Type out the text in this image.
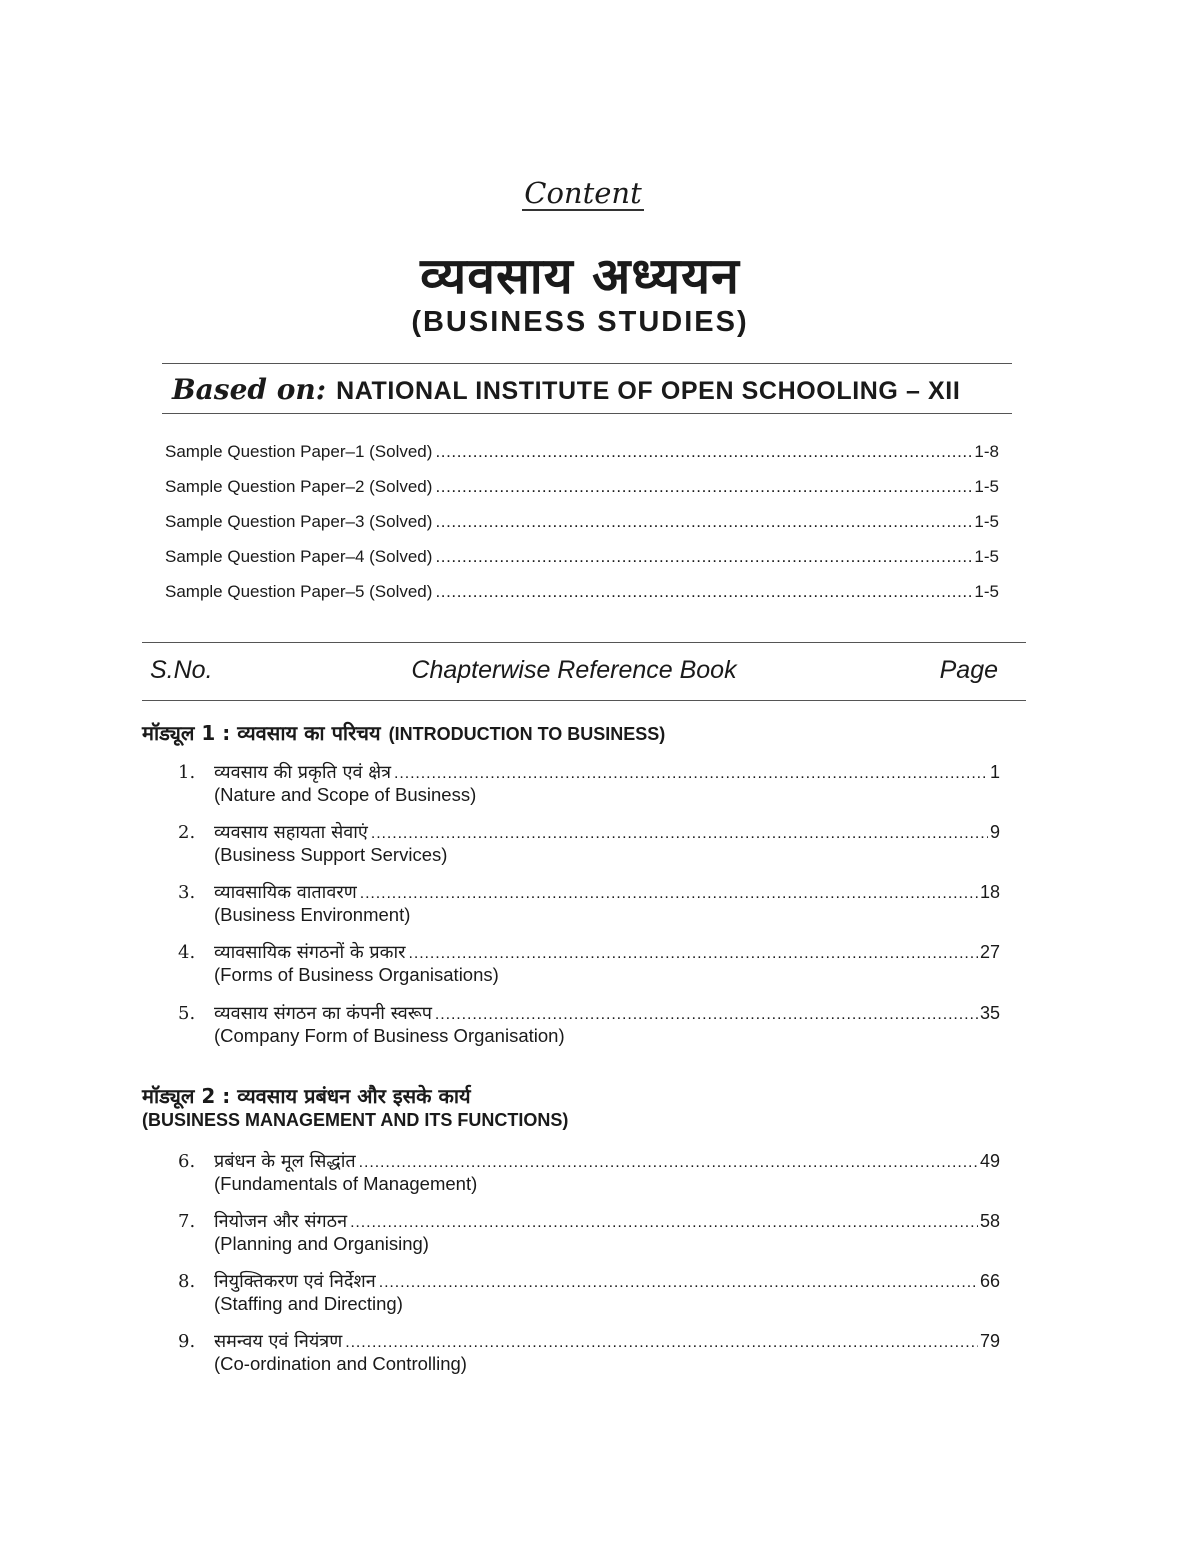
Content
व्यवसाय अध्ययन
(BUSINESS STUDIES)
Based on: NATIONAL INSTITUTE OF OPEN SCHOOLING – XII
Sample Question Paper–1 (Solved) .....	1-8
Sample Question Paper–2 (Solved) .....	1-5
Sample Question Paper–3 (Solved) .....	1-5
Sample Question Paper–4 (Solved) .....	1-5
Sample Question Paper–5 (Solved) .....	1-5
S.No.	Chapterwise Reference Book	Page
मॉड्यूल 1 : व्यवसाय का परिचय (INTRODUCTION TO BUSINESS)
1.	व्यवसाय की प्रकृति एवं क्षेत्र .....	1
(Nature and Scope of Business)
2.	व्यवसाय सहायता सेवाएं .....	9
(Business Support Services)
3.	व्यावसायिक वातावरण .....	18
(Business Environment)
4.	व्यावसायिक संगठनों के प्रकार .....	27
(Forms of Business Organisations)
5.	व्यवसाय संगठन का कंपनी स्वरूप .....	35
(Company Form of Business Organisation)
मॉड्यूल 2 : व्यवसाय प्रबंधन और इसके कार्य
(BUSINESS MANAGEMENT AND ITS FUNCTIONS)
6.	प्रबंधन के मूल सिद्धांत .....	49
(Fundamentals of Management)
7.	नियोजन और संगठन .....	58
(Planning and Organising)
8.	नियुक्तिकरण एवं निर्देशन .....	66
(Staffing and Directing)
9.	समन्वय एवं नियंत्रण .....	79
(Co-ordination and Controlling)
